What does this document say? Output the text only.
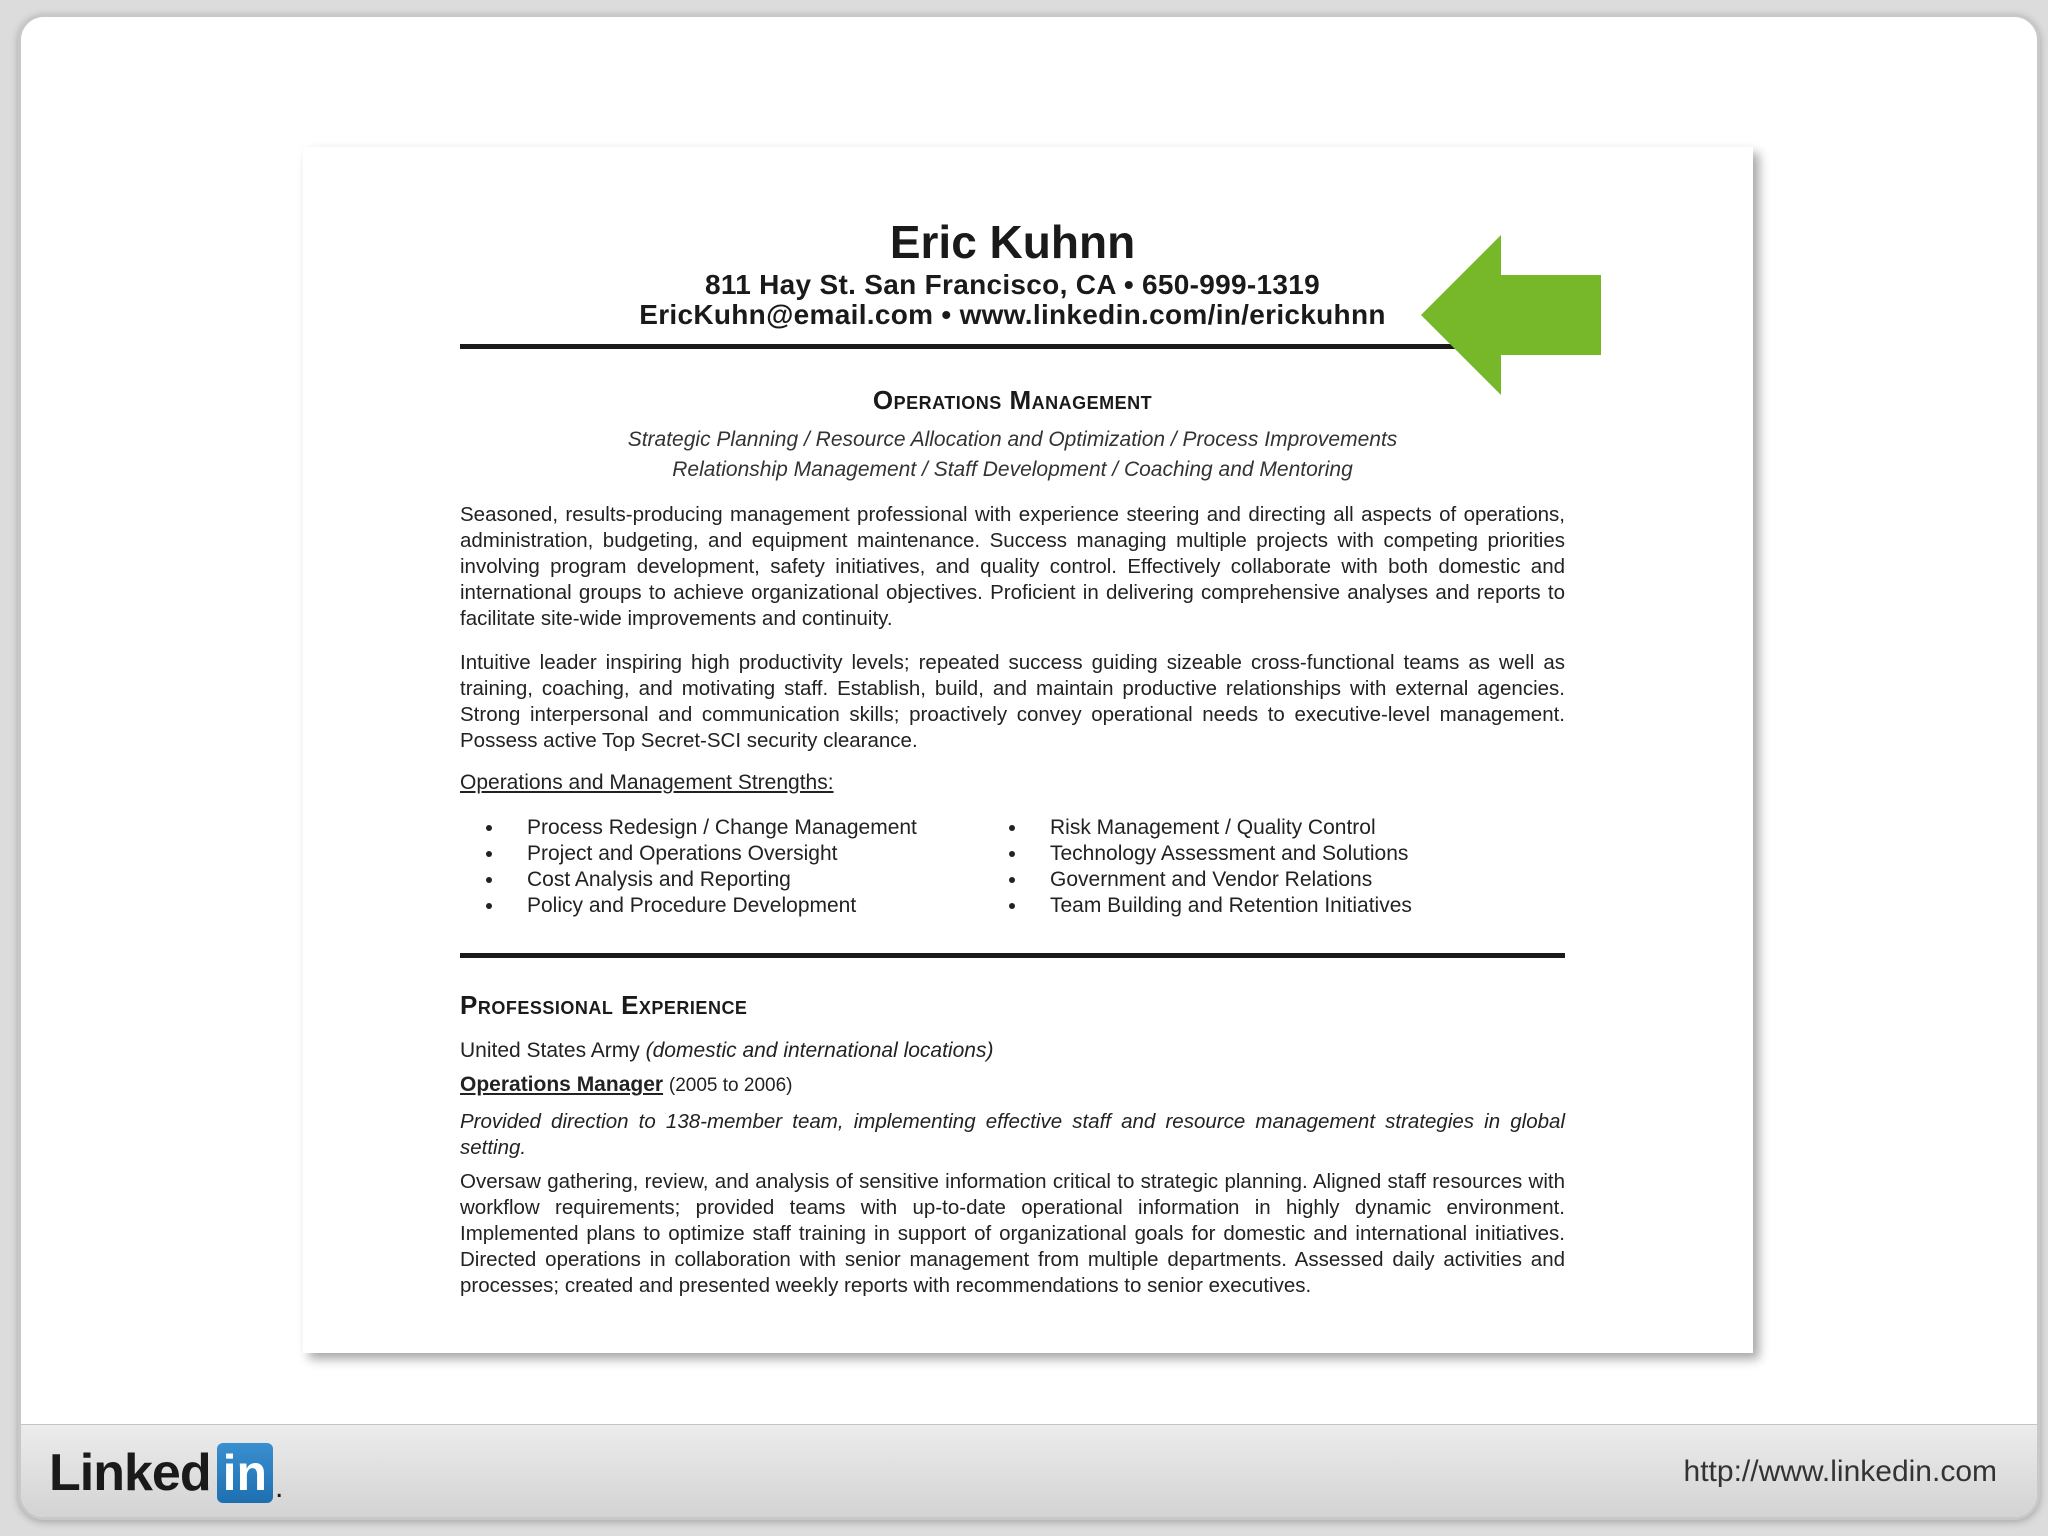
Eric Kuhnn
811 Hay St. San Francisco, CA • 650-999-1319
EricKuhn@email.com • www.linkedin.com/in/erickuhnn
Operations Management
Strategic Planning / Resource Allocation and Optimization / Process Improvements
Relationship Management / Staff Development / Coaching and Mentoring

Seasoned, results-producing management professional with experience steering and directing all aspects of operations, administration, budgeting, and equipment maintenance. Success managing multiple projects with competing priorities involving program development, safety initiatives, and quality control. Effectively collaborate with both domestic and international groups to achieve organizational objectives. Proficient in delivering comprehensive analyses and reports to facilitate site-wide improvements and continuity.

Intuitive leader inspiring high productivity levels; repeated success guiding sizeable cross-functional teams as well as training, coaching, and motivating staff. Establish, build, and maintain productive relationships with external agencies. Strong interpersonal and communication skills; proactively convey operational needs to executive-level management. Possess active Top Secret-SCI security clearance.

Operations and Management Strengths:
• Process Redesign / Change Management
• Project and Operations Oversight
• Cost Analysis and Reporting
• Policy and Procedure Development
• Risk Management / Quality Control
• Technology Assessment and Solutions
• Government and Vendor Relations
• Team Building and Retention Initiatives
Professional Experience
United States Army (domestic and international locations)
Operations Manager (2005 to 2006)

Provided direction to 138-member team, implementing effective staff and resource management strategies in global setting.

Oversaw gathering, review, and analysis of sensitive information critical to strategic planning. Aligned staff resources with workflow requirements; provided teams with up-to-date operational information in highly dynamic environment. Implemented plans to optimize staff training in support of organizational goals for domestic and international initiatives. Directed operations in collaboration with senior management from multiple departments. Assessed daily activities and processes; created and presented weekly reports with recommendations to senior executives.

Linked in .	http://www.linkedin.com
